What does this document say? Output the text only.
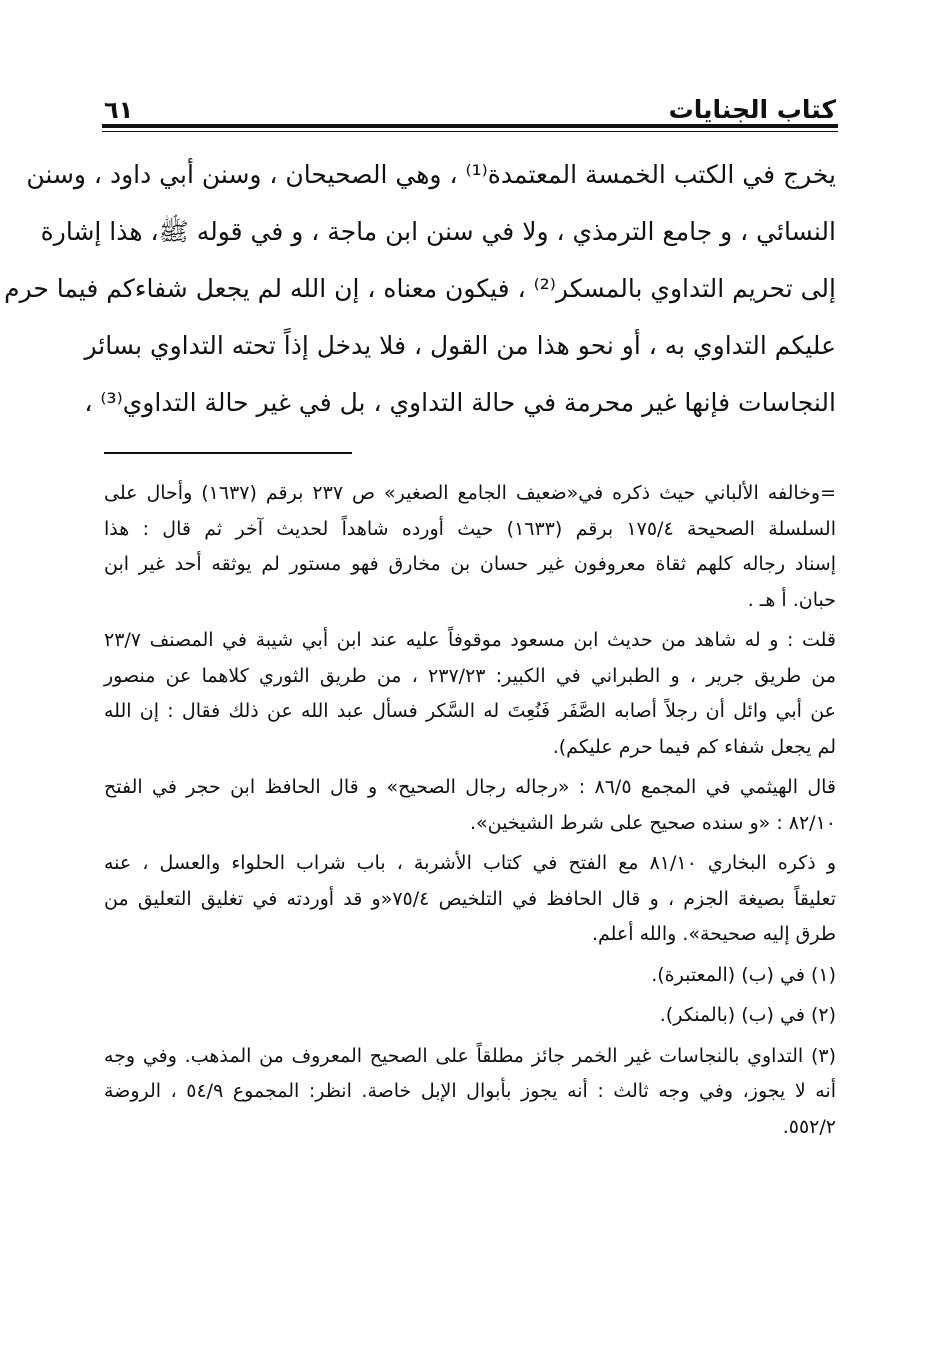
٦١	كتاب الجنايات
يخرج في الكتب الخمسة المعتمدة⁽¹⁾ ، وهي الصحيحان ، وسنن أبي داود ، وسنن
النسائي ، و جامع الترمذي ، ولا في سنن ابن ماجة ، و في قوله ﷺ، هذا إشارة
إلى تحريم التداوي بالمسكر⁽²⁾ ، فيكون معناه ، إن الله لم يجعل شفاءكم فيما حرم
عليكم التداوي به ، أو نحو هذا من القول ، فلا يدخل إذاً تحته التداوي بسائر
النجاسات فإنها غير محرمة في حالة التداوي ، بل في غير حالة التداوي⁽³⁾ ،
=وخالفه الألباني حيث ذكره في«ضعيف الجامع الصغير» ص ٢٣٧ برقم (١٦٣٧) وأحال على
السلسلة الصحيحة ١٧٥/٤ برقم (١٦٣٣) حيث أورده شاهداً لحديث آخر ثم قال : هذا
إسناد رجاله كلهم ثقاة معروفون غير حسان بن مخارق فهو مستور لم يوثقه أحد غير ابن
حبان. أ هـ .
قلت : و له شاهد من حديث ابن مسعود موقوفاً عليه عند ابن أبي شيبة في المصنف ٢٣/٧
من طريق جرير ، و الطبراني في الكبير: ٢٣٧/٢٣ ، من طريق الثوري كلاهما عن منصور
عن أبي وائل أن رجلاً أصابه الصَّفَر فَنُعِتَ له السَّكر فسأل عبد الله عن ذلك فقال : إن الله
لم يجعل شفاء كم فيما حرم عليكم).
قال الهيثمي في المجمع ٨٦/٥ : «رجاله رجال الصحيح» و قال الحافظ ابن حجر في الفتح
٨٢/١٠ : «و سنده صحيح على شرط الشيخين».
و ذكره البخاري ٨١/١٠ مع الفتح في كتاب الأشربة ، باب شراب الحلواء والعسل ، عنه
تعليقاً بصيغة الجزم ، و قال الحافظ في التلخيص ٧٥/٤«و قد أوردته في تغليق التعليق من
طرق إليه صحيحة». والله أعلم.
(١) في (ب) (المعتبرة).
(٢) في (ب) (بالمنكر).
(٣) التداوي بالنجاسات غير الخمر جائز مطلقاً على الصحيح المعروف من المذهب. وفي وجه
أنه لا يجوز، وفي وجه ثالث : أنه يجوز بأبوال الإبل خاصة. انظر: المجموع ٥٤/٩ ، الروضة
٥٥٢/٢.
